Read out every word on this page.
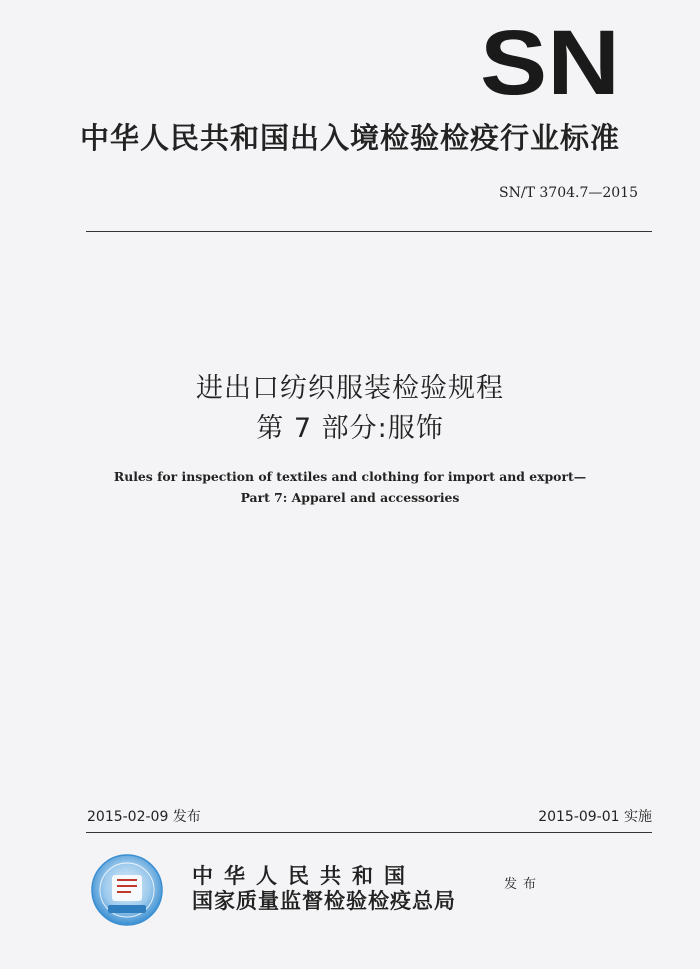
SN
中华人民共和国出入境检验检疫行业标准
SN/T 3704.7—2015
进出口纺织服装检验规程
第 7 部分:服饰
Rules for inspection of textiles and clothing for import and export—
Part 7: Apparel and accessories
2015-02-09 发布	2015-09-01 实施
中华人民共和国
国家质量监督检验检疫总局
发布
